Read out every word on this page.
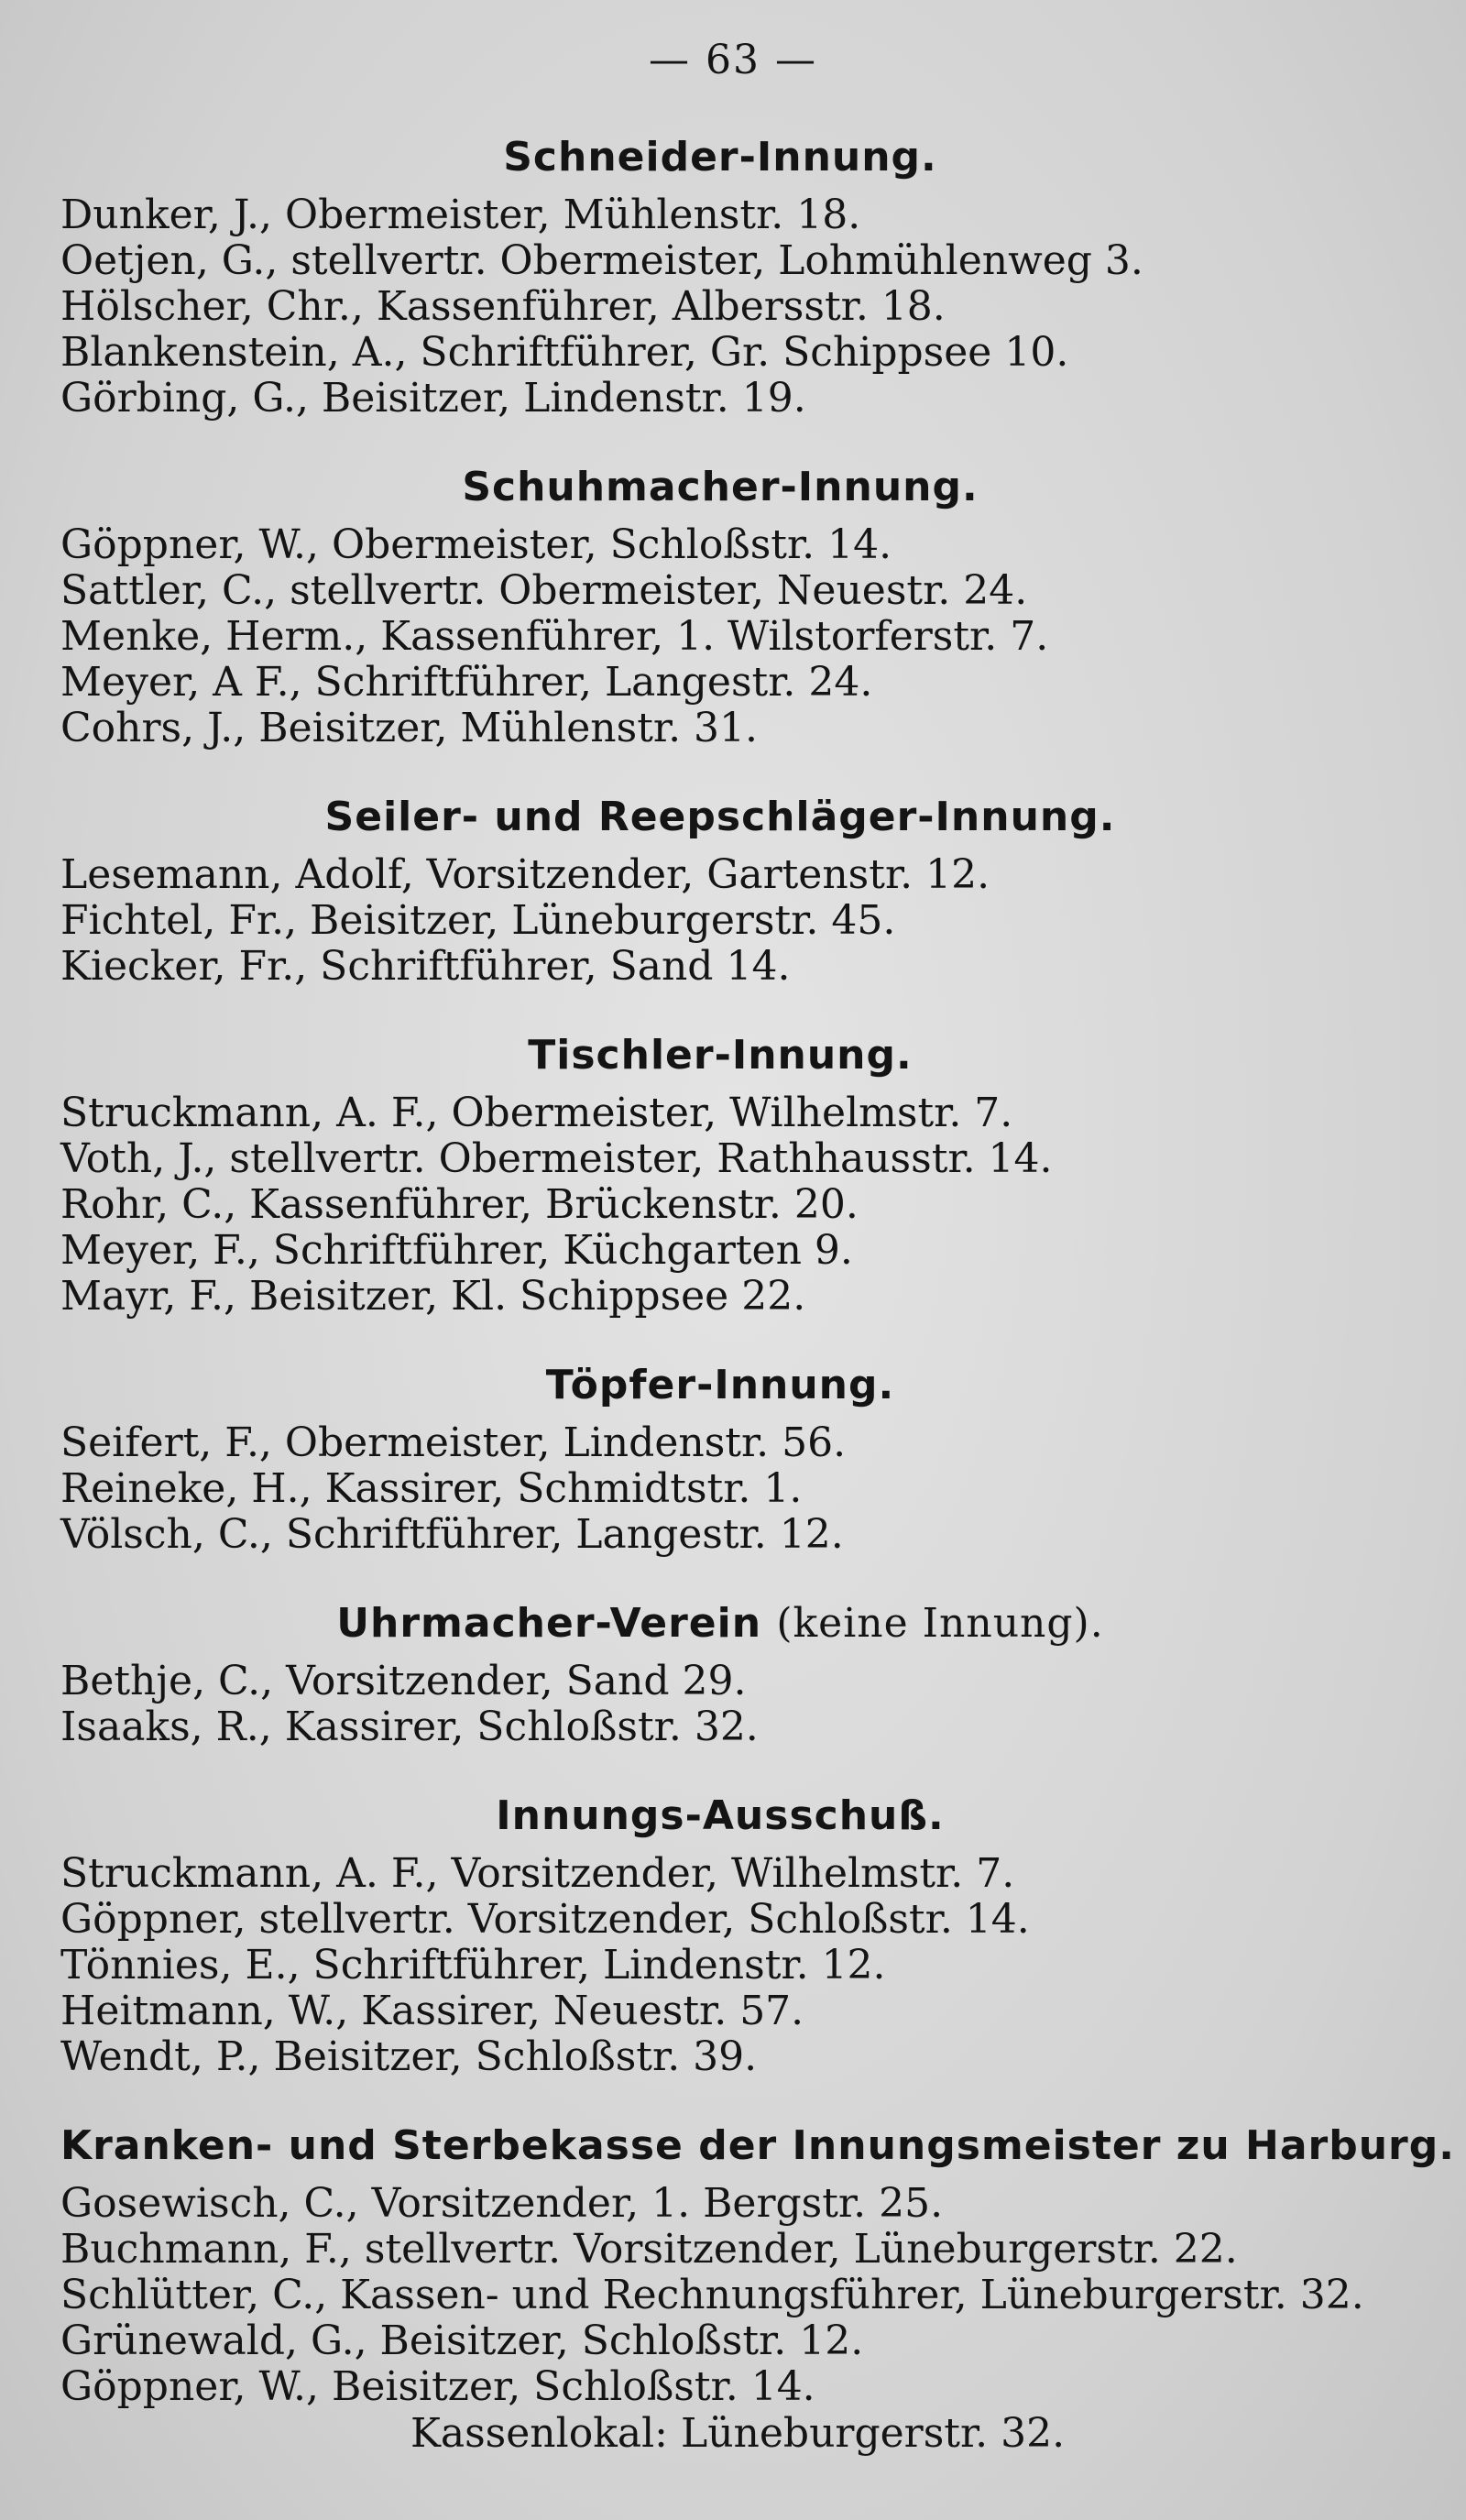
— 63 —
Schneider-Innung.
Dunker, J., Obermeister, Mühlenstr. 18.
Oetjen, G., stellvertr. Obermeister, Lohmühlenweg 3.
Hölscher, Chr., Kassenführer, Albersstr. 18.
Blankenstein, A., Schriftführer, Gr. Schippsee 10.
Görbing, G., Beisitzer, Lindenstr. 19.
Schuhmacher-Innung.
Göppner, W., Obermeister, Schloßstr. 14.
Sattler, C., stellvertr. Obermeister, Neuestr. 24.
Menke, Herm., Kassenführer, 1. Wilstorferstr. 7.
Meyer, A F., Schriftführer, Langestr. 24.
Cohrs, J., Beisitzer, Mühlenstr. 31.
Seiler- und Reepschläger-Innung.
Lesemann, Adolf, Vorsitzender, Gartenstr. 12.
Fichtel, Fr., Beisitzer, Lüneburgerstr. 45.
Kiecker, Fr., Schriftführer, Sand 14.
Tischler-Innung.
Struckmann, A. F., Obermeister, Wilhelmstr. 7.
Voth, J., stellvertr. Obermeister, Rathhausstr. 14.
Rohr, C., Kassenführer, Brückenstr. 20.
Meyer, F., Schriftführer, Küchgarten 9.
Mayr, F., Beisitzer, Kl. Schippsee 22.
Töpfer-Innung.
Seifert, F., Obermeister, Lindenstr. 56.
Reineke, H., Kassirer, Schmidtstr. 1.
Völsch, C., Schriftführer, Langestr. 12.
Uhrmacher-Verein (keine Innung).
Bethje, C., Vorsitzender, Sand 29.
Isaaks, R., Kassirer, Schloßstr. 32.
Innungs-Ausschuß.
Struckmann, A. F., Vorsitzender, Wilhelmstr. 7.
Göppner, stellvertr. Vorsitzender, Schloßstr. 14.
Tönnies, E., Schriftführer, Lindenstr. 12.
Heitmann, W., Kassirer, Neuestr. 57.
Wendt, P., Beisitzer, Schloßstr. 39.
Kranken- und Sterbekasse der Innungsmeister zu Harburg.
Gosewisch, C., Vorsitzender, 1. Bergstr. 25.
Buchmann, F., stellvertr. Vorsitzender, Lüneburgerstr. 22.
Schlütter, C., Kassen- und Rechnungsführer, Lüneburgerstr. 32.
Grünewald, G., Beisitzer, Schloßstr. 12.
Göppner, W., Beisitzer, Schloßstr. 14.
Kassenlokal: Lüneburgerstr. 32.
